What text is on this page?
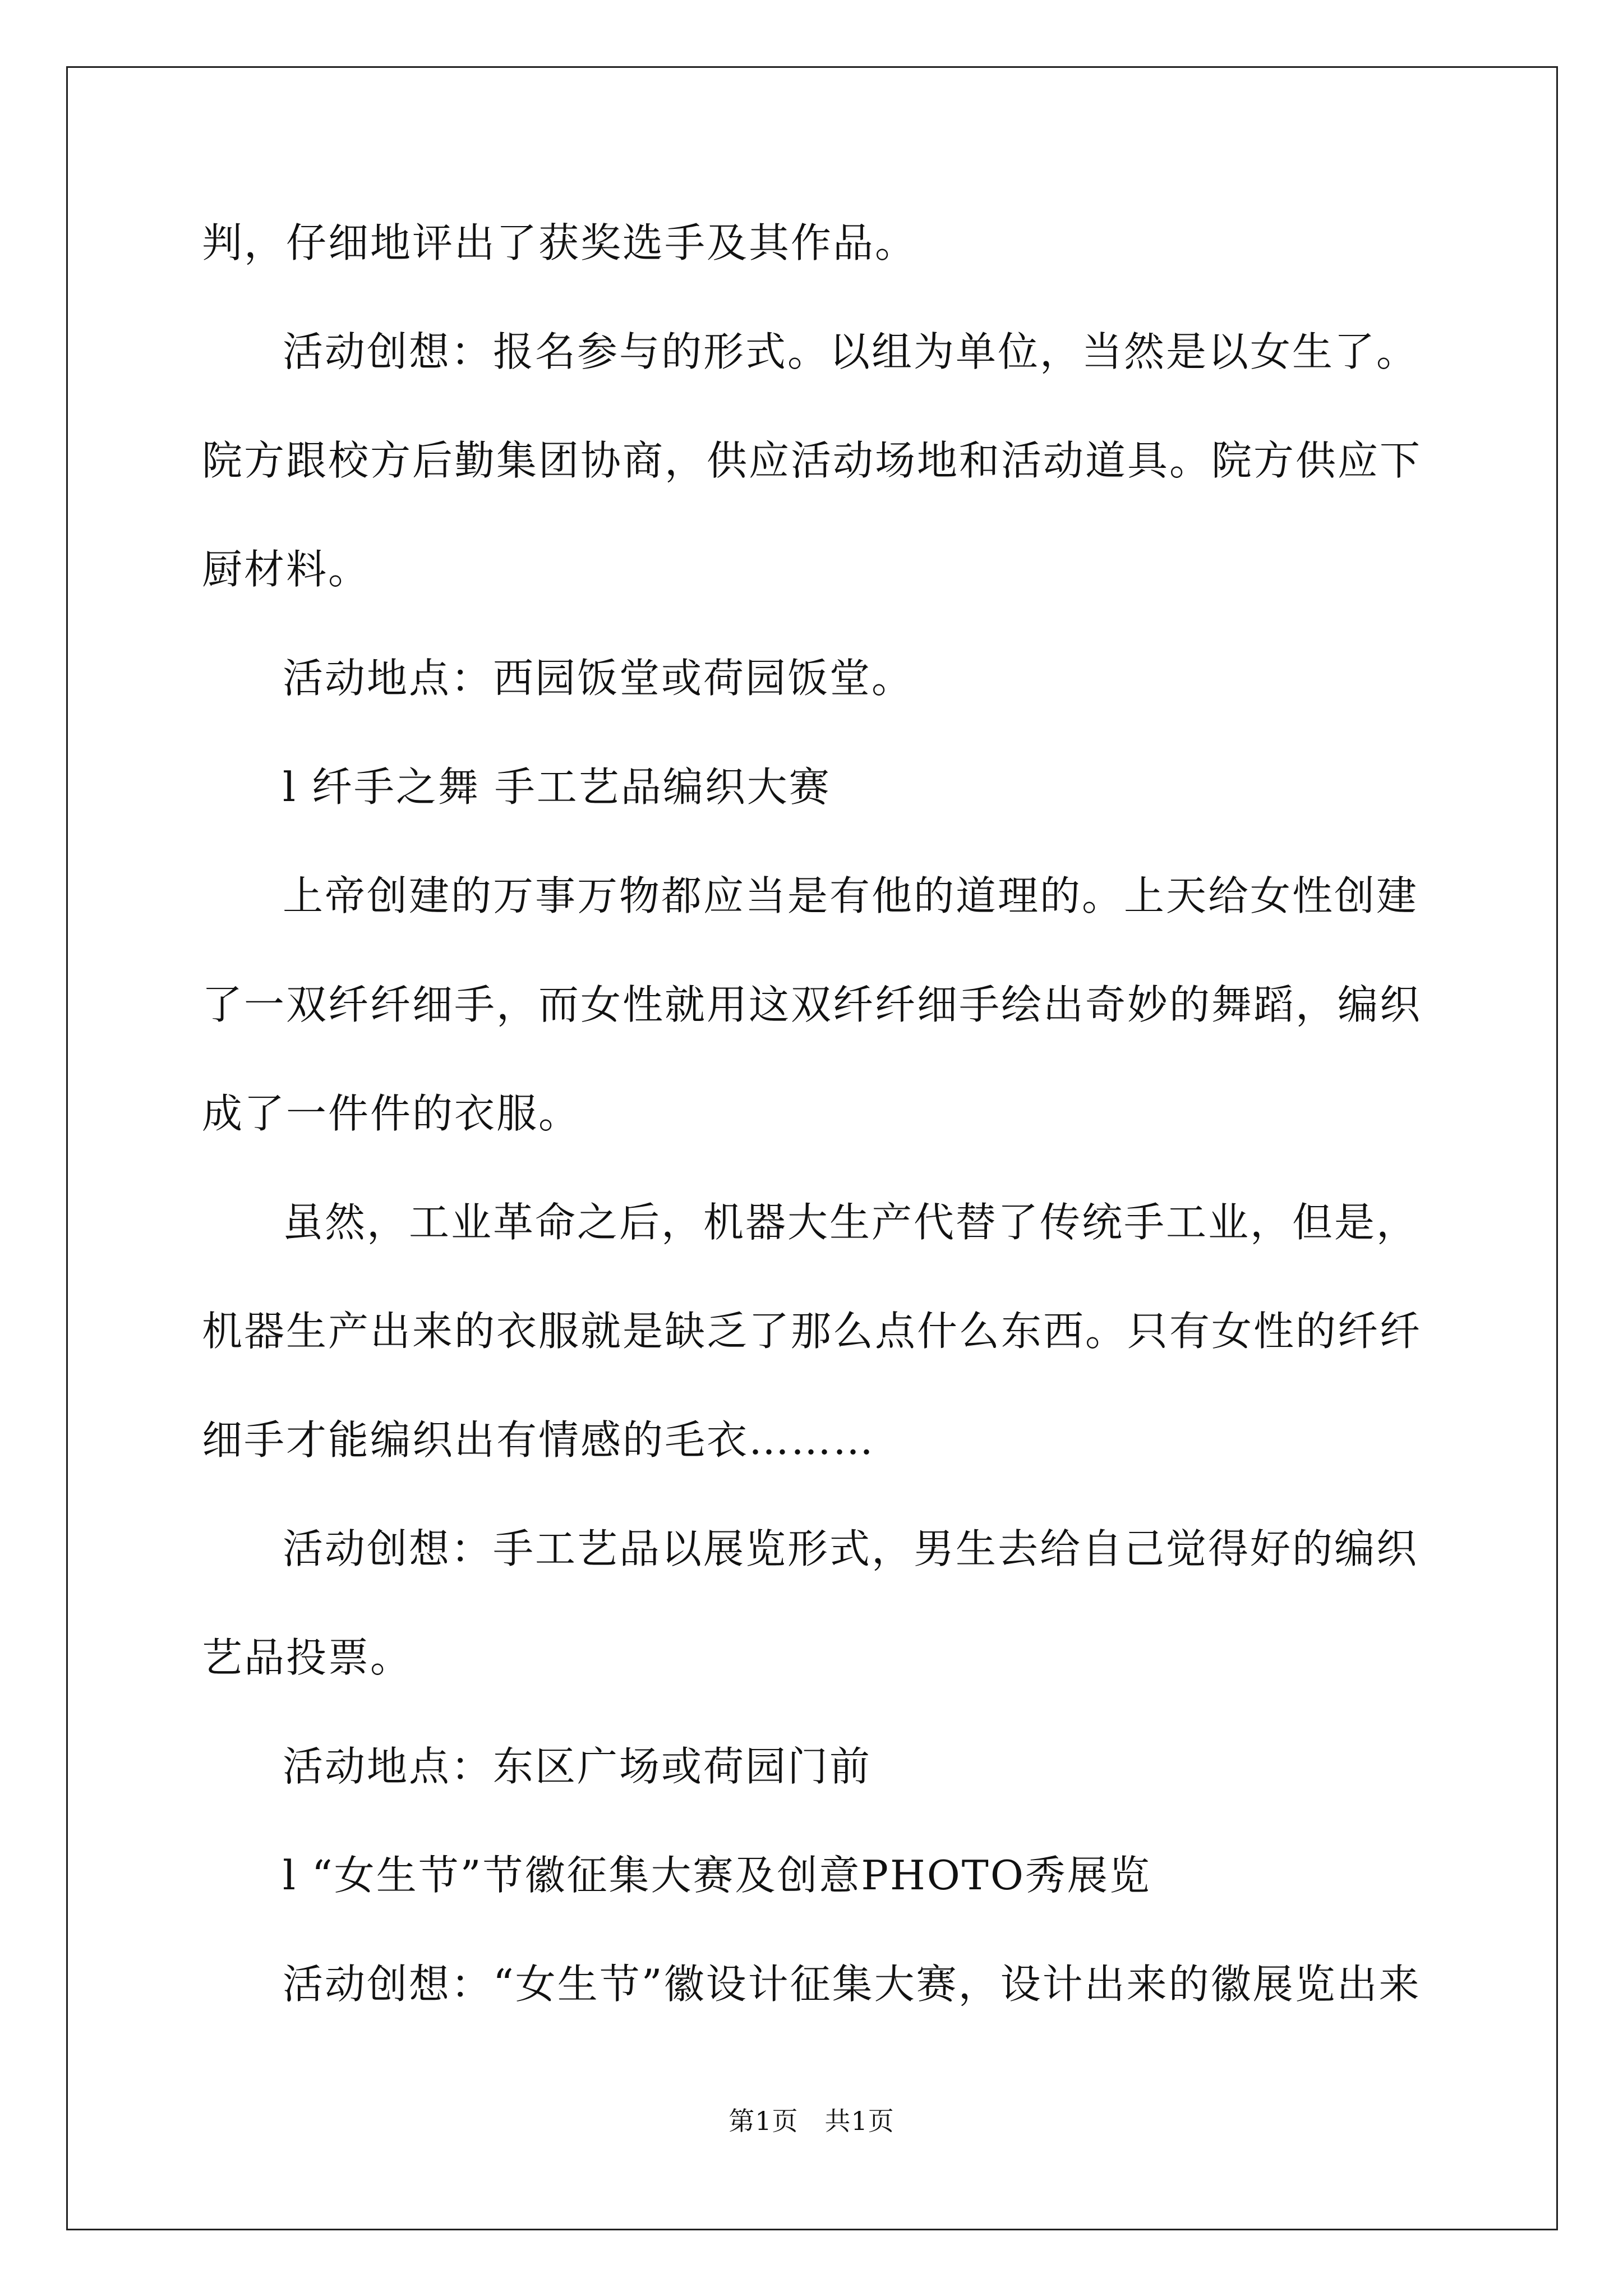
判，仔细地评出了获奖选手及其作品。

活动创想：报名参与的形式。以组为单位，当然是以女生了。院方跟校方后勤集团协商，供应活动场地和活动道具。院方供应下厨材料。

活动地点：西园饭堂或荷园饭堂。

l 纤手之舞 手工艺品编织大赛

上帝创建的万事万物都应当是有他的道理的。上天给女性创建了一双纤纤细手，而女性就用这双纤纤细手绘出奇妙的舞蹈，编织成了一件件的衣服。

虽然，工业革命之后，机器大生产代替了传统手工业，但是，机器生产出来的衣服就是缺乏了那么点什么东西。只有女性的纤纤细手才能编织出有情感的毛衣………

活动创想：手工艺品以展览形式，男生去给自己觉得好的编织艺品投票。

活动地点：东区广场或荷园门前

l “女生节”节徽征集大赛及创意PHOTO秀展览

活动创想：“女生节”徽设计征集大赛，设计出来的徽展览出来

第1页　共1页
